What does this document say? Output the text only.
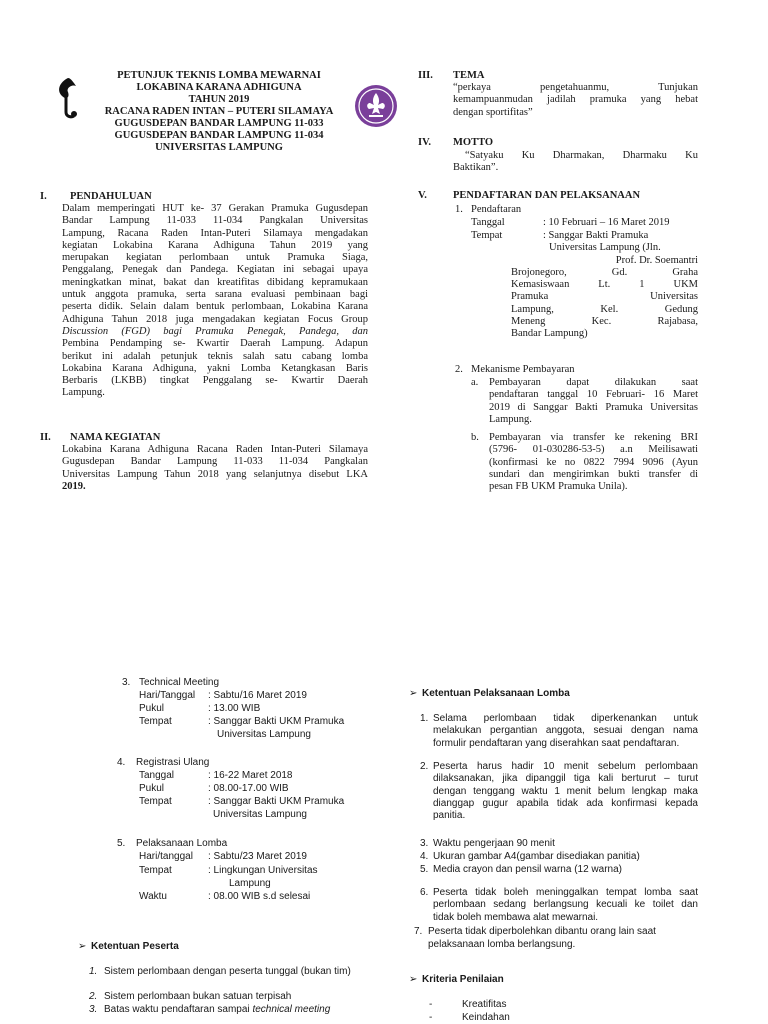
PETUNJUK TEKNIS LOMBA MEWARNAI
LOKABINA KARANA ADHIGUNA
TAHUN 2019
RACANA RADEN INTAN – PUTERI SILAMAYA
GUGUSDEPAN BANDAR LAMPUNG 11-033
GUGUSDEPAN BANDAR LAMPUNG 11-034
UNIVERSITAS LAMPUNG
I. PENDAHULUAN
Dalam memperingati HUT ke- 37 Gerakan Pramuka Gugusdepan
Bandar Lampung 11-033 11-034 Pangkalan Universitas
Lampung, Racana Raden Intan-Puteri Silamaya mengadakan
kegiatan Lokabina Karana Adhiguna Tahun 2019 yang
merupakan kegiatan perlombaan untuk Pramuka Siaga,
Penggalang, Penegak dan Pandega. Kegiatan ini sebagai upaya
meningkatkan minat, bakat dan kreatifitas dibidang kepramukaan
untuk anggota pramuka, serta sarana evaluasi pembinaan bagi
peserta didik. Selain dalam bentuk perlombaan, Lokabina Karana
Adhiguna Tahun 2018 juga mengadakan kegiatan Focus Group
Discussion (FGD) bagi Pramuka Penegak, Pandega, dan
Pembina Pendamping se- Kwartir Daerah Lampung. Adapun
berikut ini adalah petunjuk teknis salah satu cabang lomba
Lokabina Karana Adhiguna, yakni Lomba Ketangkasan Baris
Berbaris (LKBB) tingkat Penggalang se- Kwartir Daerah
Lampung.
II. NAMA KEGIATAN
Lokabina Karana Adhiguna Racana Raden Intan-Puteri Silamaya
Gugusdepan Bandar Lampung 11-033 11-034 Pangkalan
Universitas Lampung Tahun 2018 yang selanjutnya disebut LKA
2019.
III. TEMA
“perkaya pengetahuanmu, Tunjukan
kemampuanmudan jadilah pramuka yang hebat
dengan sportifitas”
IV. MOTTO
“Satyaku Ku Dharmakan, Dharmaku Ku
Baktikan”.
V. PENDAFTARAN DAN PELAKSANAAN
1. Pendaftaran
Tanggal	: 10 Februari – 16 Maret 2019
Tempat	: Sanggar Bakti Pramuka
Universitas Lampung (Jln.
Prof. Dr. Soemantri
Brojonegoro, Gd. Graha
Kemasiswaan Lt. 1 UKM
Pramuka Universitas
Lampung, Kel. Gedung
Meneng Kec. Rajabasa,
Bandar Lampung)
2. Mekanisme Pembayaran
a. Pembayaran dapat dilakukan saat
pendaftaran tanggal 10 Februari- 16 Maret
2019 di Sanggar Bakti Pramuka Universitas
Lampung.
b. Pembayaran via transfer ke rekening BRI
(5796- 01-030286-53-5) a.n Meilisawati
(konfirmasi ke no 0822 7994 9096 (Ayun
sundari dan mengirimkan bukti transfer di
pesan FB UKM Pramuka Unila).
3. Technical Meeting
Hari/Tanggal : Sabtu/16 Maret 2019
Pukul	: 13.00 WIB
Tempat	: Sanggar Bakti UKM Pramuka
Universitas Lampung
4. Registrasi Ulang
Tanggal	: 16-22 Maret 2018
Pukul	: 08.00-17.00 WIB
Tempat	: Sanggar Bakti UKM Pramuka
Universitas Lampung
5. Pelaksanaan Lomba
Hari/tanggal : Sabtu/23 Maret 2019
Tempat	: Lingkungan Universitas
Lampung
Waktu	: 08.00 WIB s.d selesai
➢ Ketentuan Peserta
1. Sistem perlombaan dengan peserta tunggal (bukan tim)
2. Sistem perlombaan bukan satuan terpisah
3. Batas waktu pendaftaran sampai technical meeting
➢ Ketentuan Pelaksanaan Lomba
1. Selama perlombaan tidak diperkenankan untuk
melakukan pergantian anggota, sesuai dengan nama
formulir pendaftaran yang diserahkan saat pendaftaran.
2. Peserta harus hadir 10 menit sebelum perlombaan
dilaksanakan, jika dipanggil tiga kali berturut – turut
dengan tenggang waktu 1 menit belum lengkap maka
dianggap gugur apabila tidak ada konfirmasi kepada
panitia.
3. Waktu pengerjaan 90 menit
4. Ukuran gambar A4(gambar disediakan panitia)
5. Media crayon dan pensil warna (12 warna)
6. Peserta tidak boleh meninggalkan tempat lomba saat
perlombaan sedang berlangsung kecuali ke toilet dan
tidak boleh membawa alat mewarnai.
7. Peserta tidak diperbolehkan dibantu orang lain saat
pelaksanaan lomba berlangsung.
➢ Kriteria Penilaian
-	Kreatifitas
-	Keindahan
